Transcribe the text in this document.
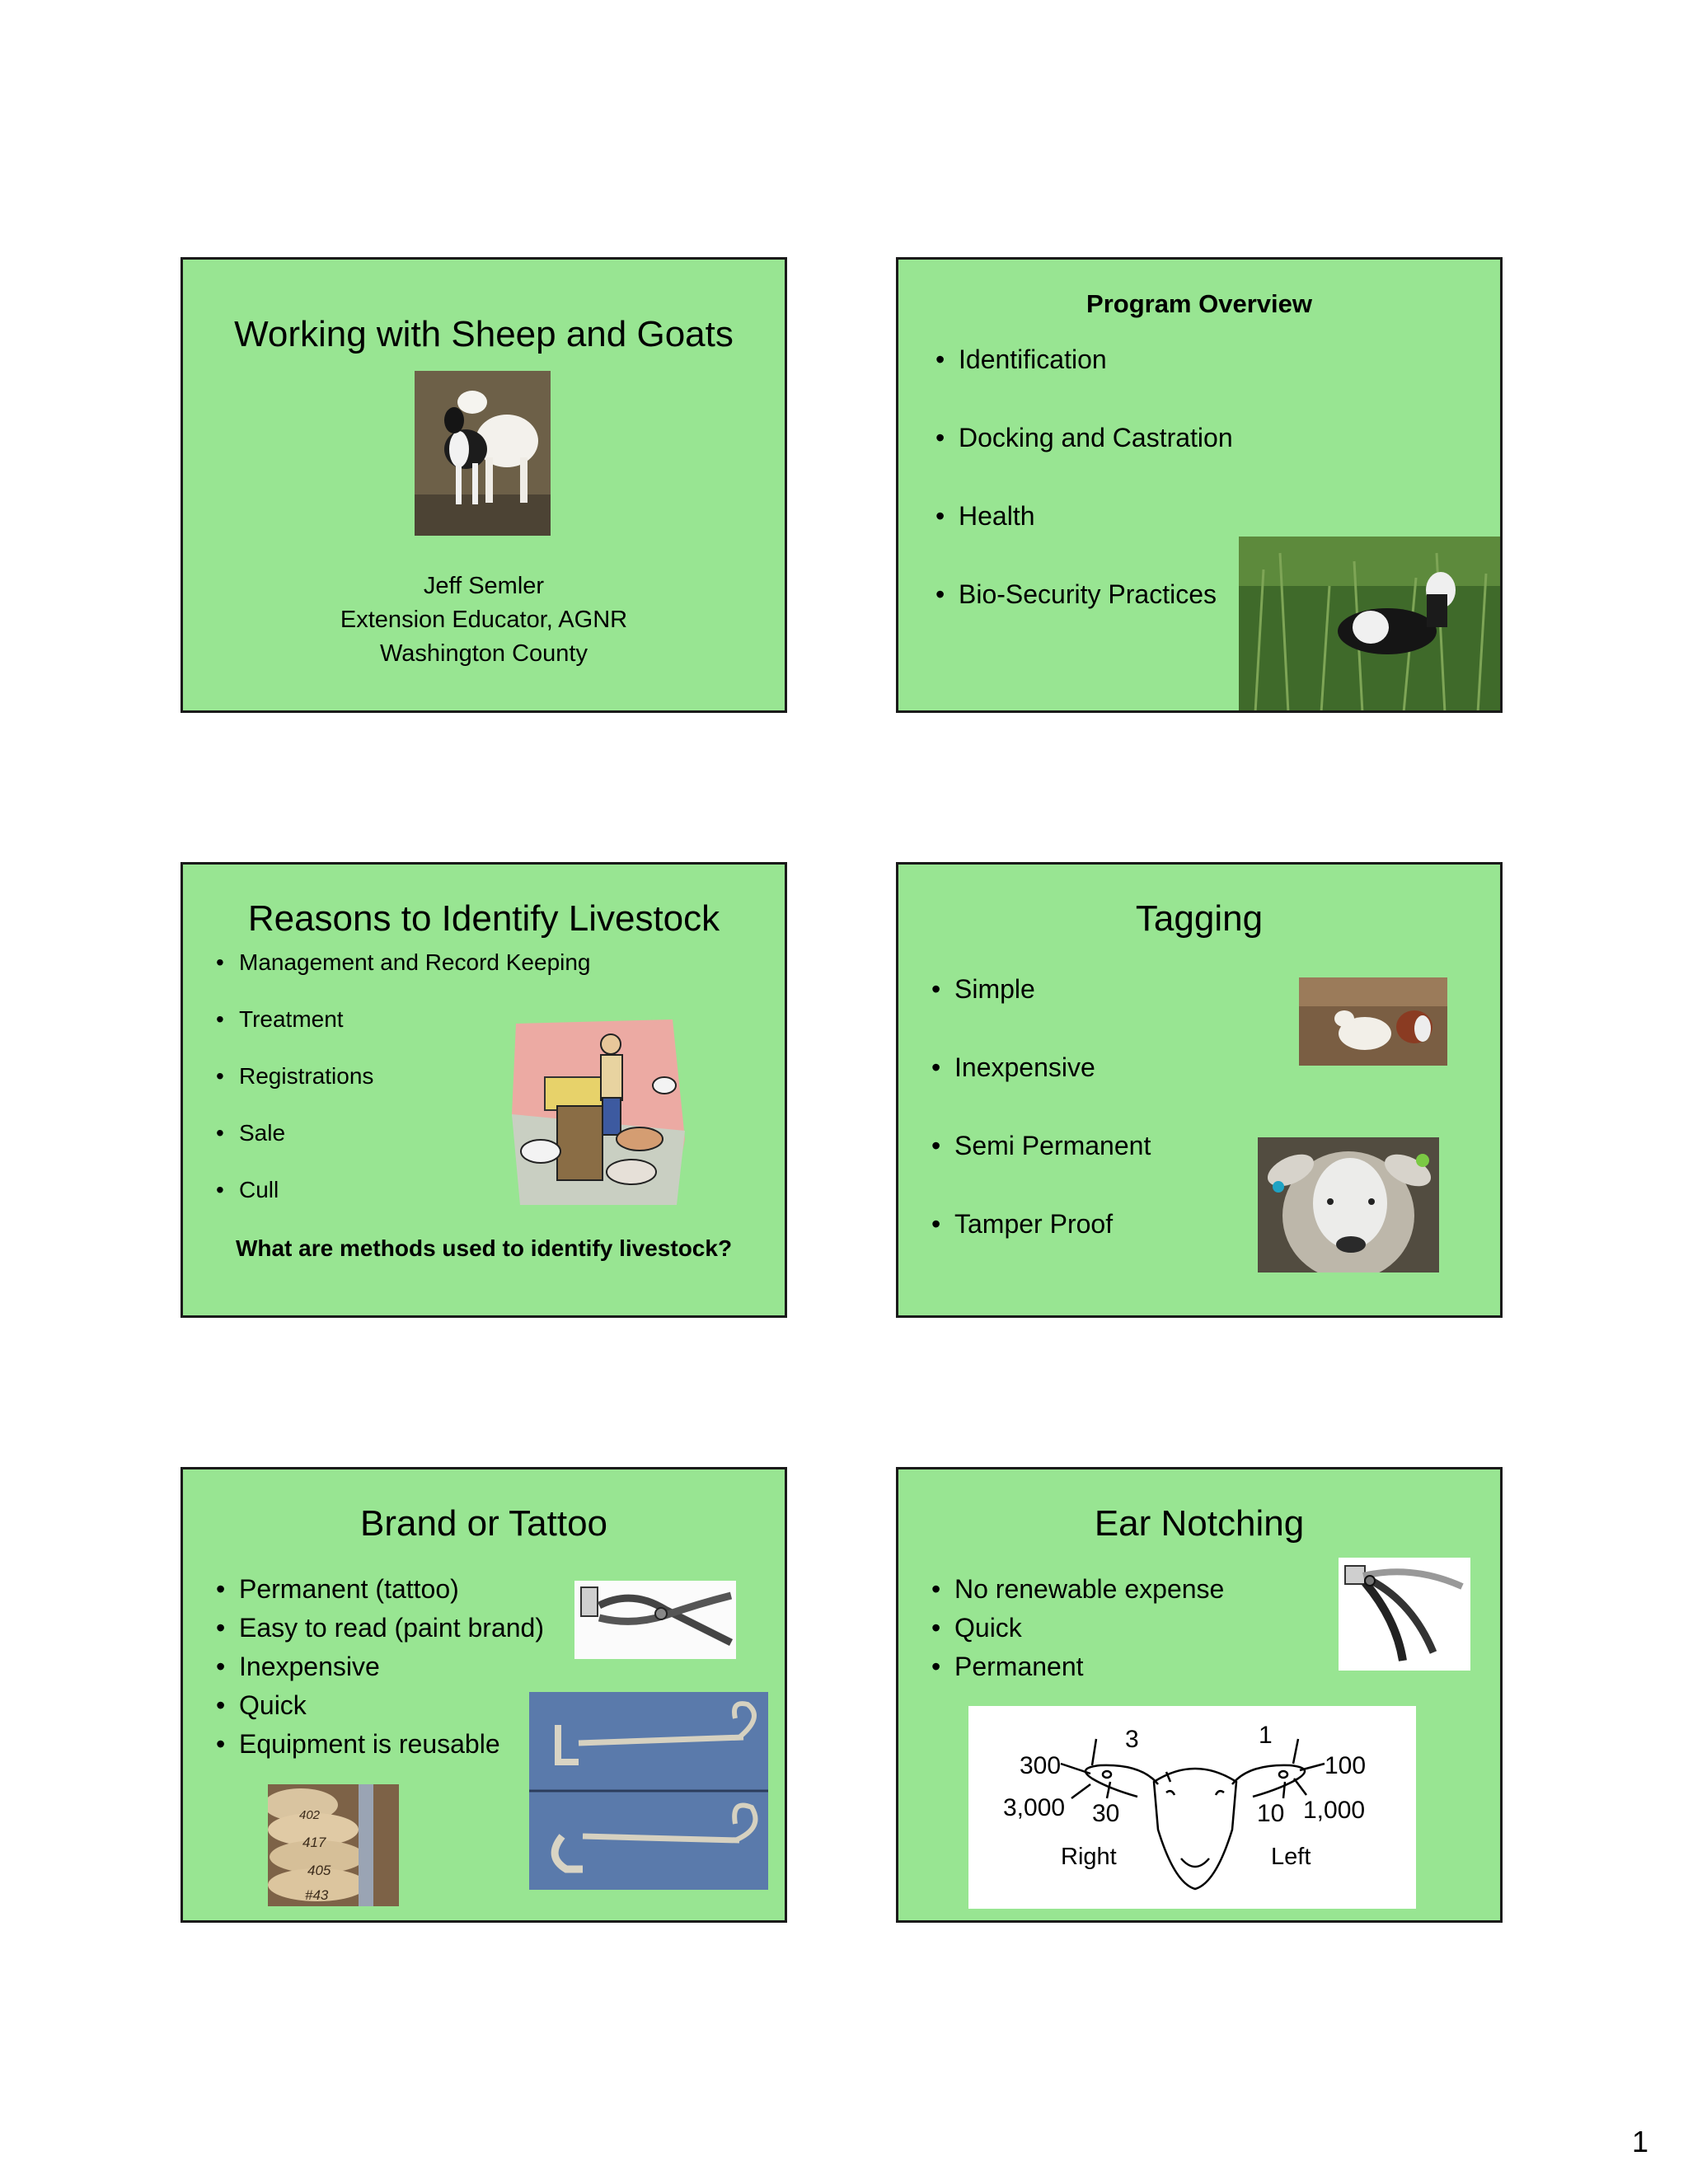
Working with Sheep and Goats
Jeff Semler
Extension Educator, AGNR
Washington County
Program Overview
• Identification
• Docking and Castration
• Health
• Bio-Security Practices
Reasons to Identify Livestock
• Management and Record Keeping
• Treatment
• Registrations
• Sale
• Cull
What are methods used to identify livestock?
Tagging
• Simple
• Inexpensive
• Semi Permanent
• Tamper Proof
Brand or Tattoo
• Permanent (tattoo)
• Easy to read (paint brand)
• Inexpensive
• Quick
• Equipment is reusable
402
417
405
#43
Ear Notching
• No renewable expense
• Quick
• Permanent
3	1
300	100
3,000 30	10 1,000
Right	Left
1
